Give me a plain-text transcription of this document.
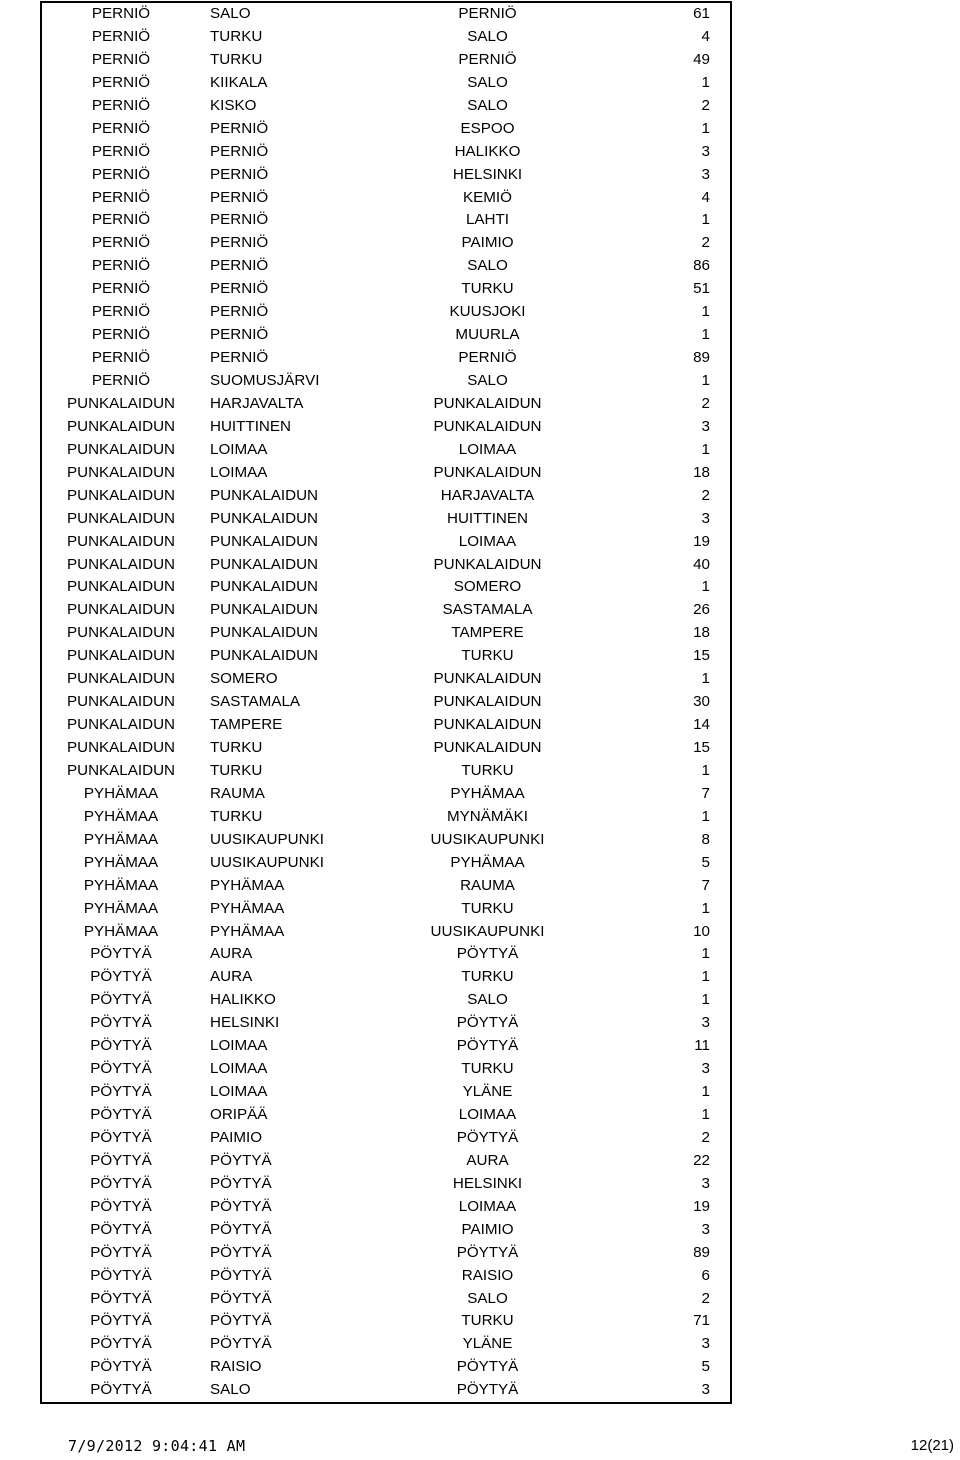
PERNIÖ	SALO	PERNIÖ	61
PERNIÖ	TURKU	SALO	4
PERNIÖ	TURKU	PERNIÖ	49
PERNIÖ	KIIKALA	SALO	1
PERNIÖ	KISKO	SALO	2
PERNIÖ	PERNIÖ	ESPOO	1
PERNIÖ	PERNIÖ	HALIKKO	3
PERNIÖ	PERNIÖ	HELSINKI	3
PERNIÖ	PERNIÖ	KEMIÖ	4
PERNIÖ	PERNIÖ	LAHTI	1
PERNIÖ	PERNIÖ	PAIMIO	2
PERNIÖ	PERNIÖ	SALO	86
PERNIÖ	PERNIÖ	TURKU	51
PERNIÖ	PERNIÖ	KUUSJOKI	1
PERNIÖ	PERNIÖ	MUURLA	1
PERNIÖ	PERNIÖ	PERNIÖ	89
PERNIÖ	SUOMUSJÄRVI	SALO	1
PUNKALAIDUN	HARJAVALTA	PUNKALAIDUN	2
PUNKALAIDUN	HUITTINEN	PUNKALAIDUN	3
PUNKALAIDUN	LOIMAA	LOIMAA	1
PUNKALAIDUN	LOIMAA	PUNKALAIDUN	18
PUNKALAIDUN	PUNKALAIDUN	HARJAVALTA	2
PUNKALAIDUN	PUNKALAIDUN	HUITTINEN	3
PUNKALAIDUN	PUNKALAIDUN	LOIMAA	19
PUNKALAIDUN	PUNKALAIDUN	PUNKALAIDUN	40
PUNKALAIDUN	PUNKALAIDUN	SOMERO	1
PUNKALAIDUN	PUNKALAIDUN	SASTAMALA	26
PUNKALAIDUN	PUNKALAIDUN	TAMPERE	18
PUNKALAIDUN	PUNKALAIDUN	TURKU	15
PUNKALAIDUN	SOMERO	PUNKALAIDUN	1
PUNKALAIDUN	SASTAMALA	PUNKALAIDUN	30
PUNKALAIDUN	TAMPERE	PUNKALAIDUN	14
PUNKALAIDUN	TURKU	PUNKALAIDUN	15
PUNKALAIDUN	TURKU	TURKU	1
PYHÄMAA	RAUMA	PYHÄMAA	7
PYHÄMAA	TURKU	MYNÄMÄKI	1
PYHÄMAA	UUSIKAUPUNKI	UUSIKAUPUNKI	8
PYHÄMAA	UUSIKAUPUNKI	PYHÄMAA	5
PYHÄMAA	PYHÄMAA	RAUMA	7
PYHÄMAA	PYHÄMAA	TURKU	1
PYHÄMAA	PYHÄMAA	UUSIKAUPUNKI	10
PÖYTYÄ	AURA	PÖYTYÄ	1
PÖYTYÄ	AURA	TURKU	1
PÖYTYÄ	HALIKKO	SALO	1
PÖYTYÄ	HELSINKI	PÖYTYÄ	3
PÖYTYÄ	LOIMAA	PÖYTYÄ	11
PÖYTYÄ	LOIMAA	TURKU	3
PÖYTYÄ	LOIMAA	YLÄNE	1
PÖYTYÄ	ORIPÄÄ	LOIMAA	1
PÖYTYÄ	PAIMIO	PÖYTYÄ	2
PÖYTYÄ	PÖYTYÄ	AURA	22
PÖYTYÄ	PÖYTYÄ	HELSINKI	3
PÖYTYÄ	PÖYTYÄ	LOIMAA	19
PÖYTYÄ	PÖYTYÄ	PAIMIO	3
PÖYTYÄ	PÖYTYÄ	PÖYTYÄ	89
PÖYTYÄ	PÖYTYÄ	RAISIO	6
PÖYTYÄ	PÖYTYÄ	SALO	2
PÖYTYÄ	PÖYTYÄ	TURKU	71
PÖYTYÄ	PÖYTYÄ	YLÄNE	3
PÖYTYÄ	RAISIO	PÖYTYÄ	5
PÖYTYÄ	SALO	PÖYTYÄ	3
7/9/2012 9:04:41 AM	12(21)
